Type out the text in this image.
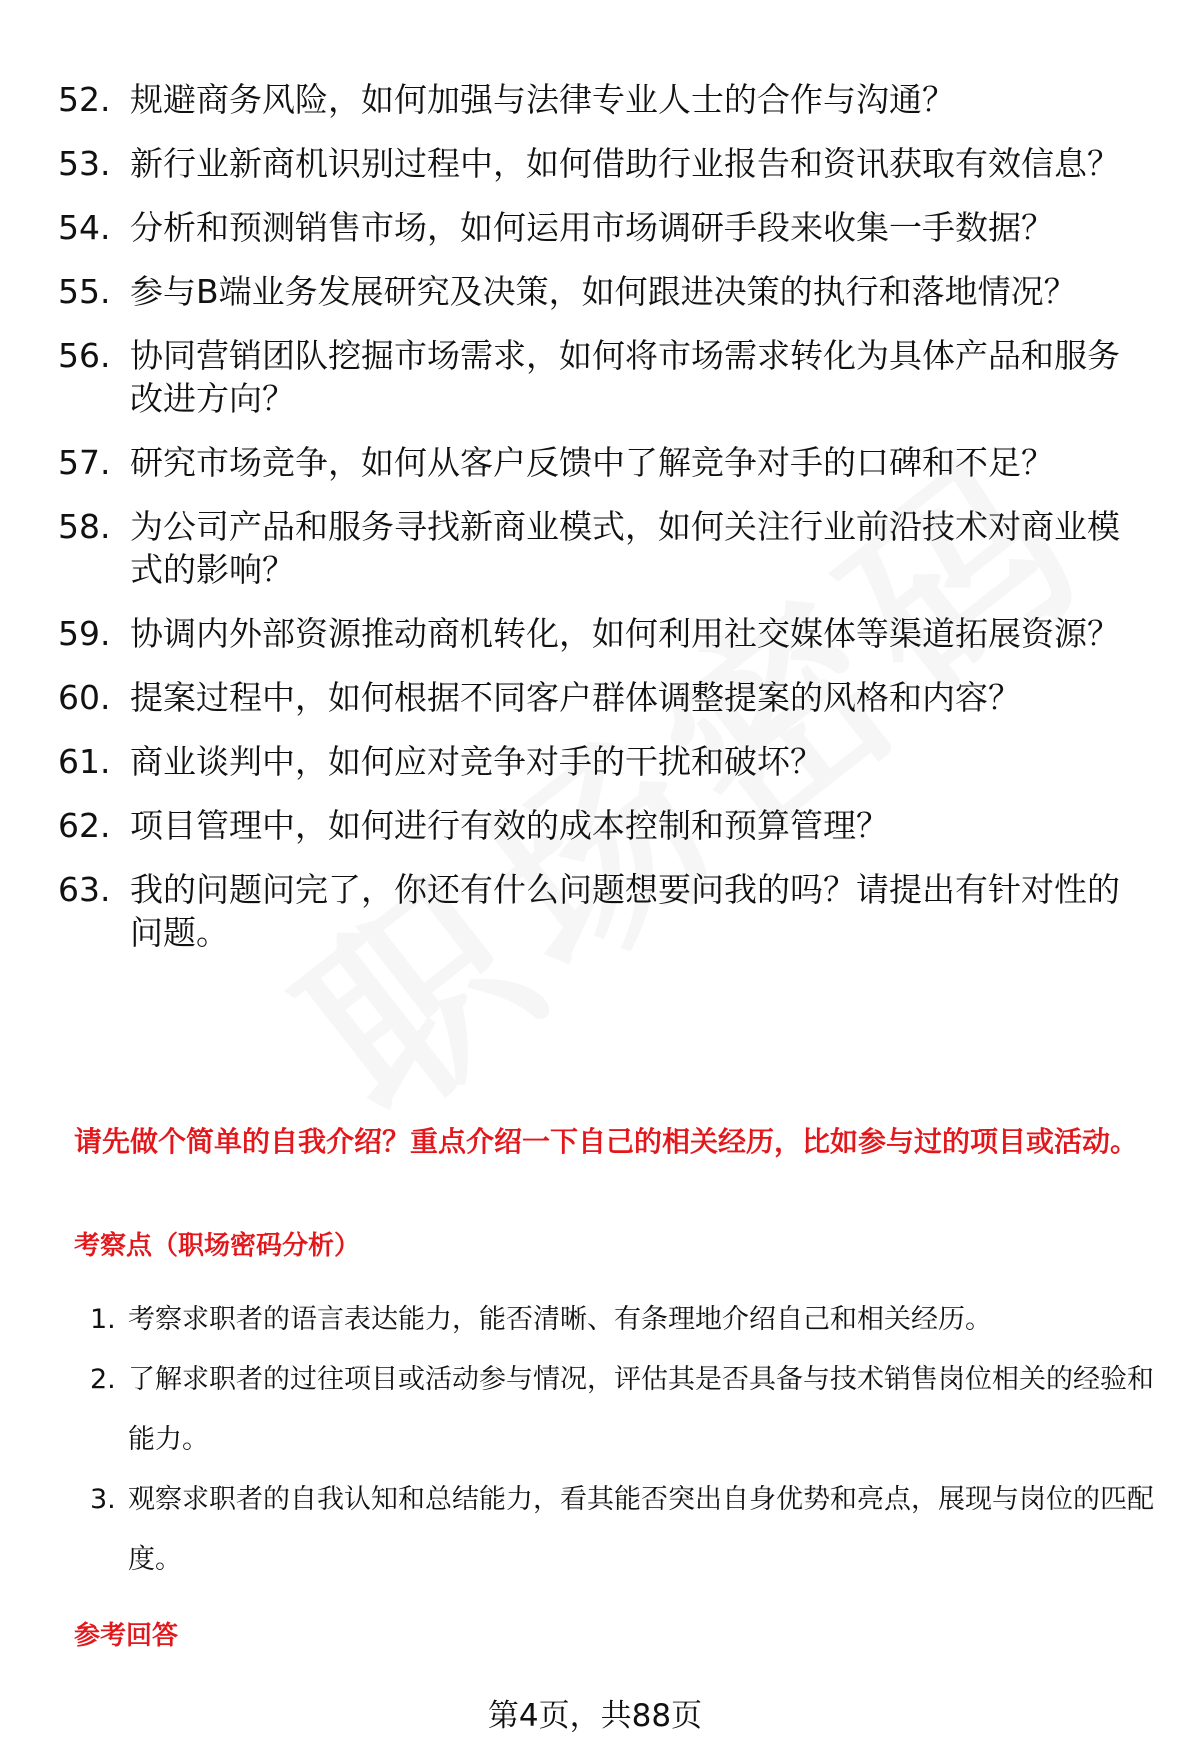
52. 规避商务风险，如何加强与法律专业人士的合作与沟通？
53. 新行业新商机识别过程中，如何借助行业报告和资讯获取有效信息？
54. 分析和预测销售市场，如何运用市场调研手段来收集一手数据？
55. 参与B端业务发展研究及决策，如何跟进决策的执行和落地情况？
56. 协同营销团队挖掘市场需求，如何将市场需求转化为具体产品和服务改进方向？
57. 研究市场竞争，如何从客户反馈中了解竞争对手的口碑和不足？
58. 为公司产品和服务寻找新商业模式，如何关注行业前沿技术对商业模式的影响？
59. 协调内外部资源推动商机转化，如何利用社交媒体等渠道拓展资源？
60. 提案过程中，如何根据不同客户群体调整提案的风格和内容？
61. 商业谈判中，如何应对竞争对手的干扰和破坏？
62. 项目管理中，如何进行有效的成本控制和预算管理？
63. 我的问题问完了，你还有什么问题想要问我的吗？请提出有针对性的问题。
请先做个简单的自我介绍？重点介绍一下自己的相关经历，比如参与过的项目或活动。
考察点（职场密码分析）
1. 考察求职者的语言表达能力，能否清晰、有条理地介绍自己和相关经历。
2. 了解求职者的过往项目或活动参与情况，评估其是否具备与技术销售岗位相关的经验和能力。
3. 观察求职者的自我认知和总结能力，看其能否突出自身优势和亮点，展现与岗位的匹配度。
参考回答
第4页，共88页
